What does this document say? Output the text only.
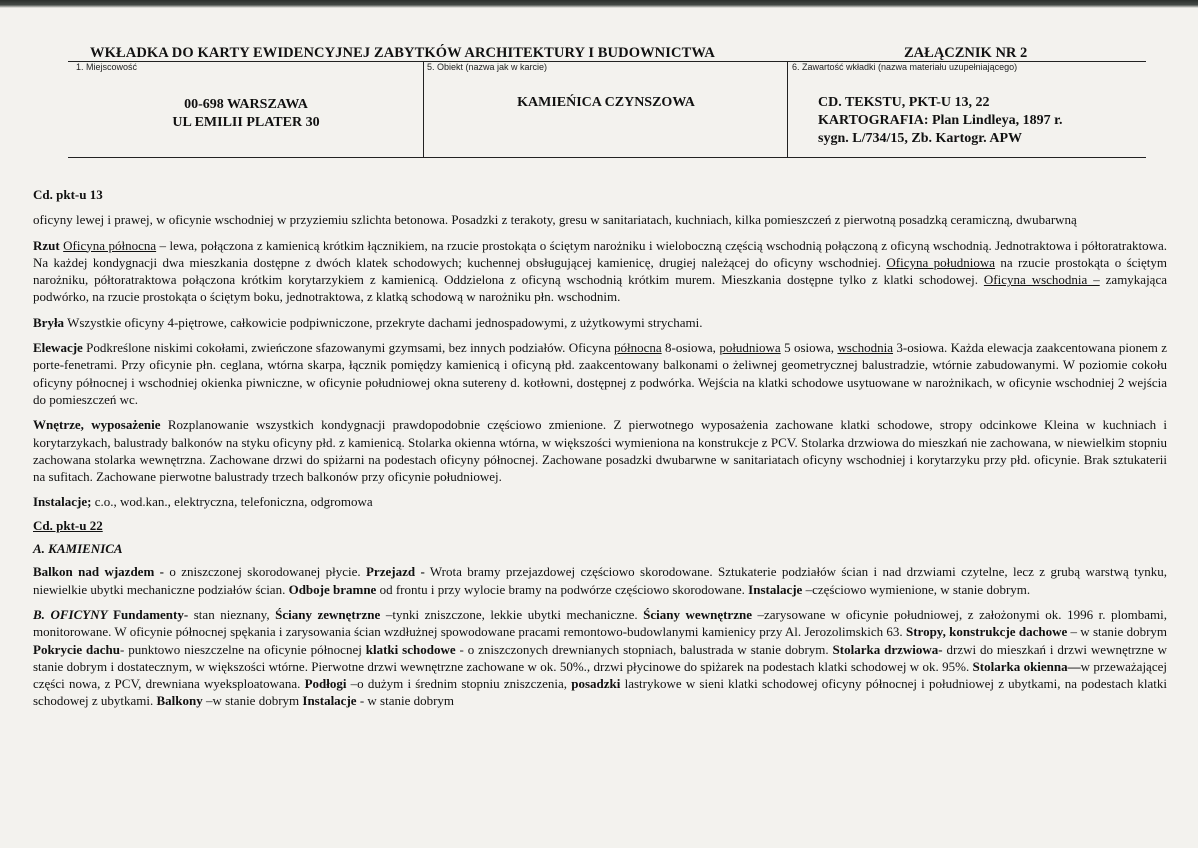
WKŁADKA DO KARTY EWIDENCYJNEJ ZABYTKÓW ARCHITEKTURY I BUDOWNICTWA	ZAŁĄCZNIK NR 2
1. Miejscowość
00-698 WARSZAWA
UL EMILII PLATER 30
5. Obiekt (nazwa jak w karcie)
KAMIEŃICA CZYNSZOWA
6. Zawartość wkładki (nazwa materiału uzupełniającego)
CD. TEKSTU, PKT-U 13, 22
KARTOGRAFIA: Plan Lindleya, 1897 r.
sygn. L/734/15, Zb. Kartogr. APW
Cd. pkt-u 13

oficyny lewej i prawej, w oficynie wschodniej w przyziemiu szlichta betonowa. Posadzki z terakoty, gresu w sanitariatach, kuchniach, kilka pomieszczeń z pierwotną posadzką ceramiczną, dwubarwną

Rzut Oficyna północna – lewa, połączona z kamienicą krótkim łącznikiem, na rzucie prostokąta o ściętym narożniku i wieloboczną częścią wschodnią połączoną z oficyną wschodnią. Jednotraktowa i półtoratraktowa. Na każdej kondygnacji dwa mieszkania dostępne z dwóch klatek schodowych; kuchennej obsługującej kamienicę, drugiej należącej do oficyny wschodniej. Oficyna południowa na rzucie prostokąta o ściętym narożniku, półtoratraktowa połączona krótkim korytarzykiem z kamienicą. Oddzielona z oficyną wschodnią krótkim murem. Mieszkania dostępne tylko z klatki schodowej. Oficyna wschodnia – zamykająca podwórko, na rzucie prostokąta o ściętym boku, jednotraktowa, z klatką schodową w narożniku płn. wschodnim.

Bryła Wszystkie oficyny 4-piętrowe, całkowicie podpiwniczone, przekryte dachami jednospadowymi, z użytkowymi strychami.

Elewacje Podkreślone niskimi cokołami, zwieńczone sfazowanymi gzymsami, bez innych podziałów. Oficyna północna 8-osiowa, południowa 5 osiowa, wschodnia 3-osiowa. Każda elewacja zaakcentowana pionem z porte-fenetrami. Przy oficynie płn. ceglana, wtórna skarpa, łącznik pomiędzy kamienicą i oficyną płd. zaakcentowany balkonami o żeliwnej geometrycznej balustradzie, wtórnie zabudowanymi. W poziomie cokołu oficyny północnej i wschodniej okienka piwniczne, w oficynie południowej okna sutereny d. kotłowni, dostępnej z podwórka. Wejścia na klatki schodowe usytuowane w narożnikach, w oficynie wschodniej 2 wejścia do pomieszczeń wc.

Wnętrze, wyposażenie Rozplanowanie wszystkich kondygnacji prawdopodobnie częściowo zmienione. Z pierwotnego wyposażenia zachowane klatki schodowe, stropy odcinkowe Kleina w kuchniach i korytarzykach, balustrady balkonów na styku oficyny płd. z kamienicą. Stolarka okienna wtórna, w większości wymieniona na konstrukcje z PCV. Stolarka drzwiowa do mieszkań nie zachowana, w niewielkim stopniu zachowana stolarka wewnętrzna. Zachowane drzwi do spiżarni na podestach oficyny północnej. Zachowane posadzki dwubarwne w sanitariatach oficyny wschodniej i korytarzyku przy płd. oficynie. Brak sztukaterii na sufitach. Zachowane pierwotne balustrady trzech balkonów przy oficynie południowej.

Instalacje; c.o., wod.kan., elektryczna, telefoniczna, odgromowa

Cd. pkt-u 22
A. KAMIENICA

Balkon nad wjazdem - o zniszczonej skorodowanej płycie. Przejazd - Wrota bramy przejazdowej częściowo skorodowane. Sztukaterie podziałów ścian i nad drzwiami czytelne, lecz z grubą warstwą tynku, niewielkie ubytki mechaniczne podziałów ścian. Odboje bramne od frontu i przy wylocie bramy na podwórze częściowo skorodowane. Instalacje –częściowo wymienione, w stanie dobrym.

B. OFICYNY Fundamenty- stan nieznany, Ściany zewnętrzne –tynki zniszczone, lekkie ubytki mechaniczne. Ściany wewnętrzne –zarysowane w oficynie południowej, z założonymi ok. 1996 r. plombami, monitorowane. W oficynie północnej spękania i zarysowania ścian wzdłużnej spowodowane pracami remontowo-budowlanymi kamienicy przy Al. Jerozolimskich 63. Stropy, konstrukcje dachowe – w stanie dobrym Pokrycie dachu- punktowo nieszczelne na oficynie północnej klatki schodowe - o zniszczonych drewnianych stopniach, balustrada w stanie dobrym. Stolarka drzwiowa- drzwi do mieszkań i drzwi wewnętrzne w stanie dobrym i dostatecznym, w większości wtórne. Pierwotne drzwi wewnętrzne zachowane w ok. 50%., drzwi płycinowe do spiżarek na podestach klatki schodowej w ok. 95%. Stolarka okienna—w przeważającej części nowa, z PCV, drewniana wyeksploatowana. Podłogi –o dużym i średnim stopniu zniszczenia, posadzki lastrykowe w sieni klatki schodowej oficyny północnej i południowej z ubytkami, na podestach klatki schodowej z ubytkami. Balkony –w stanie dobrym Instalacje - w stanie dobrym
